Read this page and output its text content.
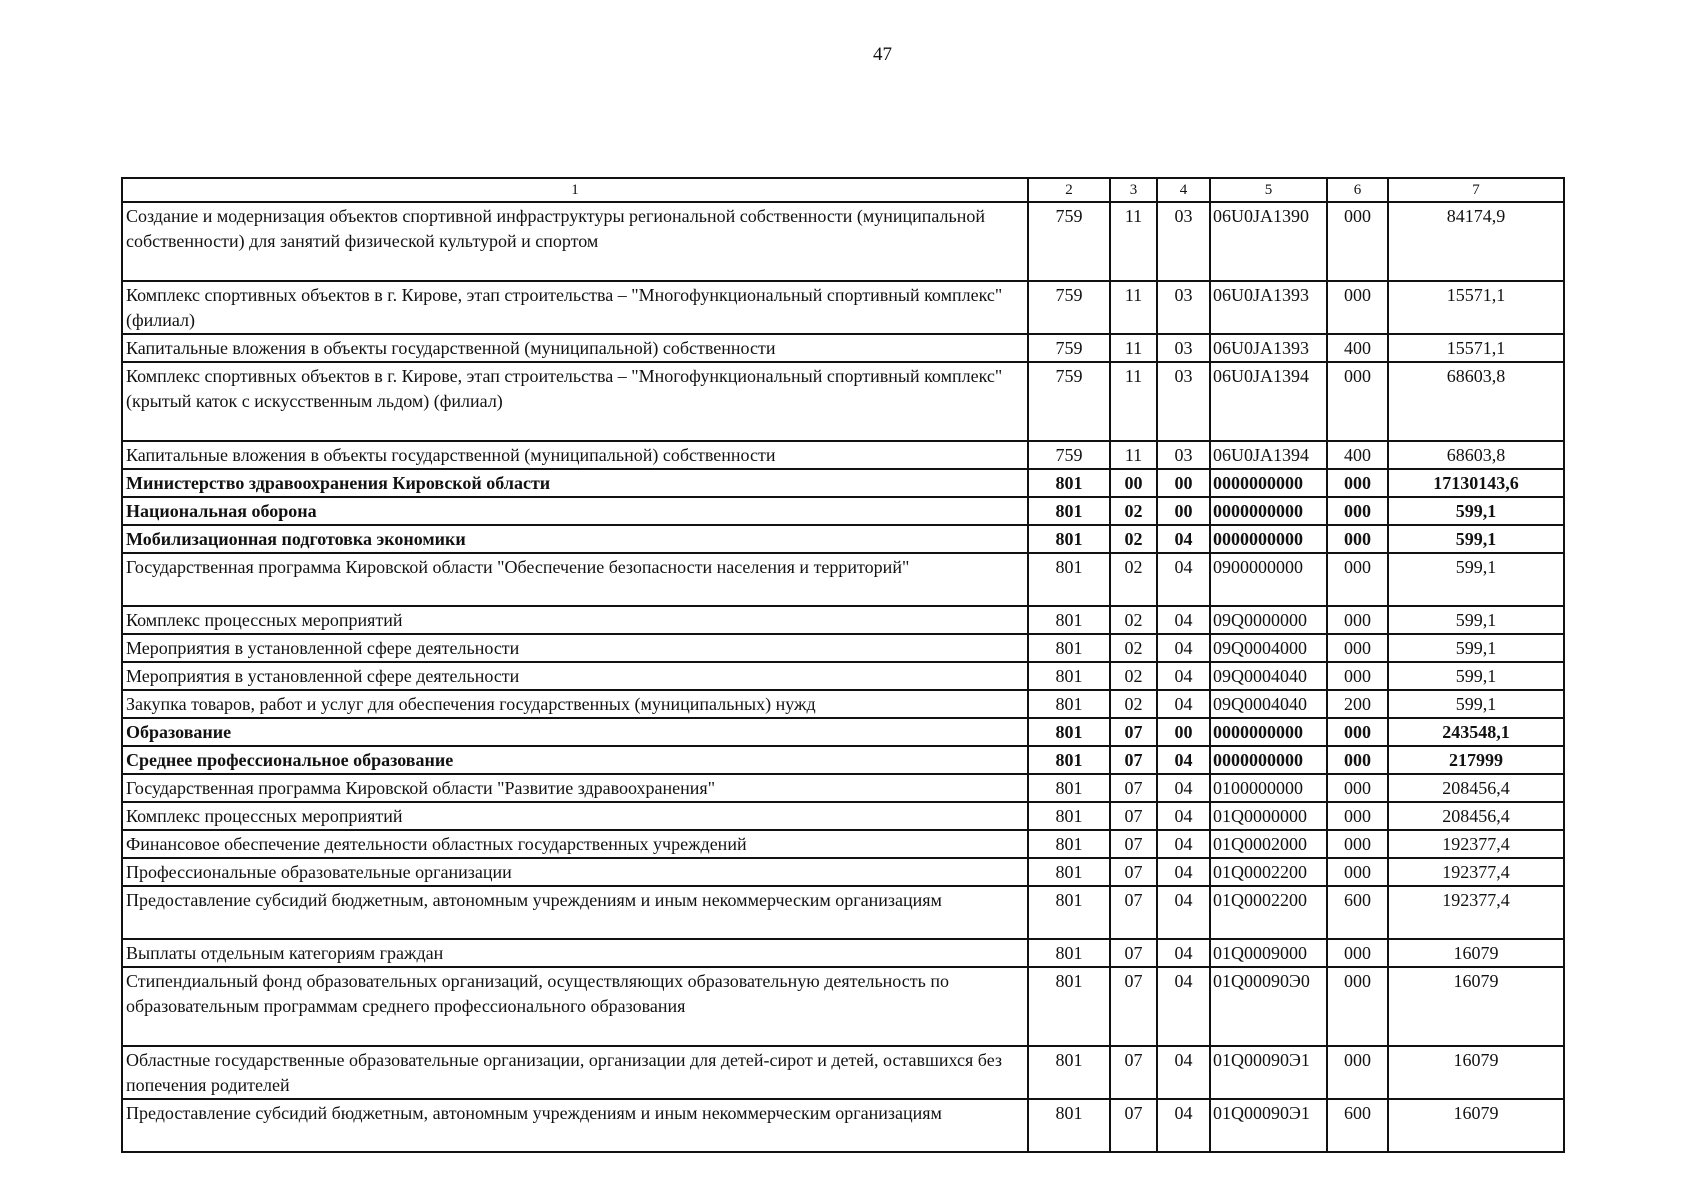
47
1	2	3	4	5	6	7
Создание и модернизация объектов спортивной инфраструктуры региональной собственности (муниципальной собственности) для занятий физической культурой и спортом	759	11	03	06U0JA1390	000	84174,9
Комплекс спортивных объектов в г. Кирове, этап строительства – "Многофункциональный спортивный комплекс" (филиал)	759	11	03	06U0JA1393	000	15571,1
Капитальные вложения в объекты государственной (муниципальной) собственности	759	11	03	06U0JA1393	400	15571,1
Комплекс спортивных объектов в г. Кирове, этап строительства – "Многофункциональный спортивный комплекс" (крытый каток с искусственным льдом) (филиал)	759	11	03	06U0JA1394	000	68603,8
Капитальные вложения в объекты государственной (муниципальной) собственности	759	11	03	06U0JA1394	400	68603,8
Министерство здравоохранения Кировской области	801	00	00	0000000000	000	17130143,6
Национальная оборона	801	02	00	0000000000	000	599,1
Мобилизационная подготовка экономики	801	02	04	0000000000	000	599,1
Государственная программа Кировской области "Обеспечение безопасности населения и территорий"	801	02	04	0900000000	000	599,1
Комплекс процессных мероприятий	801	02	04	09Q0000000	000	599,1
Мероприятия в установленной сфере деятельности	801	02	04	09Q0004000	000	599,1
Мероприятия в установленной сфере деятельности	801	02	04	09Q0004040	000	599,1
Закупка товаров, работ и услуг для обеспечения государственных (муниципальных) нужд	801	02	04	09Q0004040	200	599,1
Образование	801	07	00	0000000000	000	243548,1
Среднее профессиональное образование	801	07	04	0000000000	000	217999
Государственная программа Кировской области "Развитие здравоохранения"	801	07	04	0100000000	000	208456,4
Комплекс процессных мероприятий	801	07	04	01Q0000000	000	208456,4
Финансовое обеспечение деятельности областных государственных учреждений	801	07	04	01Q0002000	000	192377,4
Профессиональные образовательные организации	801	07	04	01Q0002200	000	192377,4
Предоставление субсидий бюджетным, автономным учреждениям и иным некоммерческим организациям	801	07	04	01Q0002200	600	192377,4
Выплаты отдельным категориям граждан	801	07	04	01Q0009000	000	16079
Стипендиальный фонд образовательных организаций, осуществляющих образовательную деятельность по образовательным программам среднего профессионального образования	801	07	04	01Q00090Э0	000	16079
Областные государственные образовательные организации, организации для детей-сирот и детей, оставшихся без попечения родителей	801	07	04	01Q00090Э1	000	16079
Предоставление субсидий бюджетным, автономным учреждениям и иным некоммерческим организациям	801	07	04	01Q00090Э1	600	16079
